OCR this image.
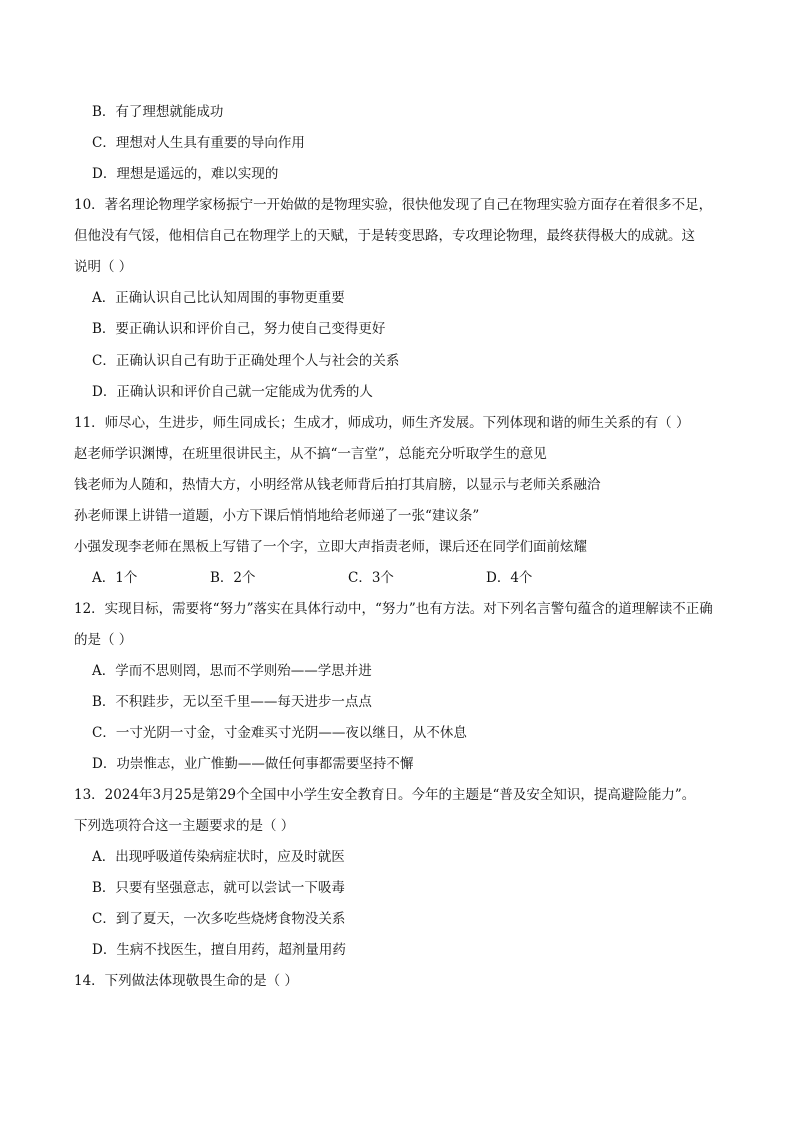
B．有了理想就能成功
C．理想对人生具有重要的导向作用
D．理想是遥远的，难以实现的
10．著名理论物理学家杨振宁一开始做的是物理实验，很快他发现了自己在物理实验方面存在着很多不足，
但他没有气馁，他相信自己在物理学上的天赋，于是转变思路，专攻理论物理，最终获得极大的成就。这
说明（ ）
A．正确认识自己比认知周围的事物更重要
B．要正确认识和评价自己，努力使自己变得更好
C．正确认识自己有助于正确处理个人与社会的关系
D．正确认识和评价自己就一定能成为优秀的人
11．师尽心，生进步，师生同成长；生成才，师成功，师生齐发展。下列体现和谐的师生关系的有（ ）
赵老师学识渊博，在班里很讲民主，从不搞“一言堂”，总能充分听取学生的意见
钱老师为人随和，热情大方，小明经常从钱老师背后拍打其肩膀，以显示与老师关系融洽
孙老师课上讲错一道题，小方下课后悄悄地给老师递了一张“建议条”
小强发现李老师在黑板上写错了一个字，立即大声指责老师，课后还在同学们面前炫耀
A．1个	B．2个	C．3个	D．4个
12．实现目标，需要将“努力”落实在具体行动中，“努力”也有方法。对下列名言警句蕴含的道理解读不正确
的是（ ）
A．学而不思则罔，思而不学则殆——学思并进
B．不积跬步，无以至千里——每天进步一点点
C．一寸光阴一寸金，寸金难买寸光阴——夜以继日，从不休息
D．功崇惟志，业广惟勤——做任何事都需要坚持不懈
13．2024年3月25是第29个全国中小学生安全教育日。今年的主题是“普及安全知识，提高避险能力”。
下列选项符合这一主题要求的是（ ）
A．出现呼吸道传染病症状时，应及时就医
B．只要有坚强意志，就可以尝试一下吸毒
C．到了夏天，一次多吃些烧烤食物没关系
D．生病不找医生，擅自用药，超剂量用药
14．下列做法体现敬畏生命的是（ ）
